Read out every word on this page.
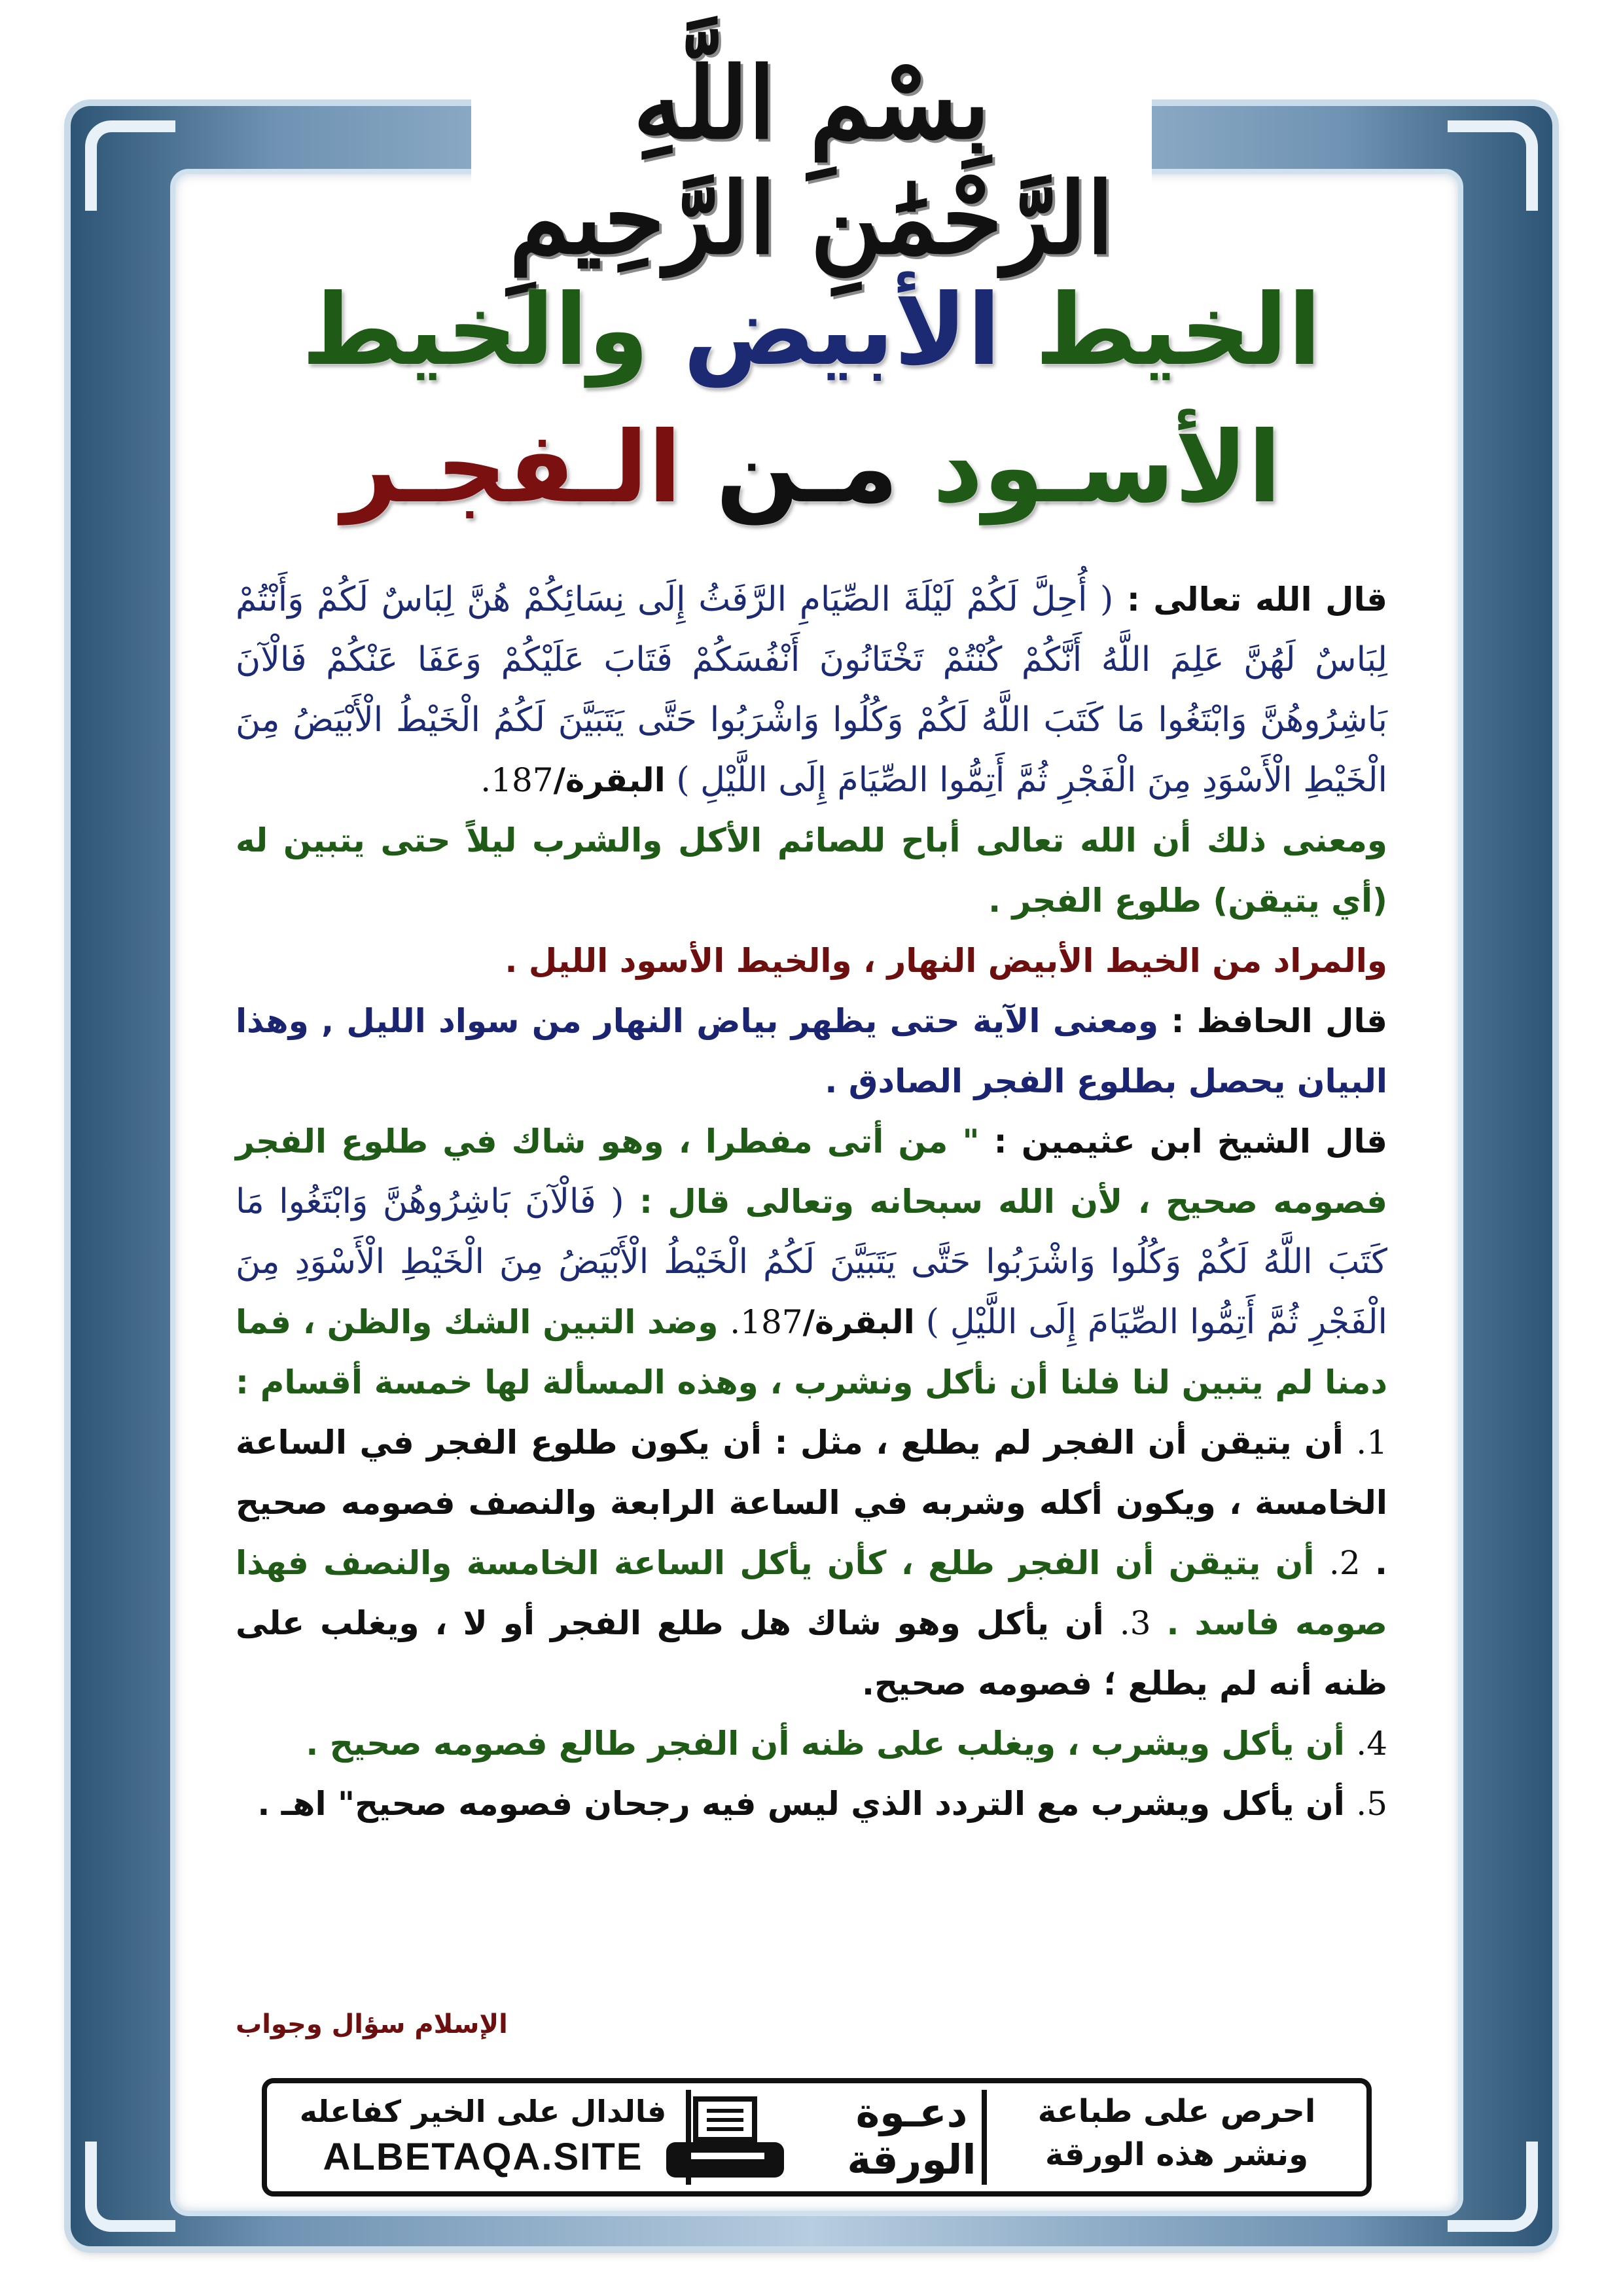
بِسْمِ اللَّهِ الرَّحْمَٰنِ الرَّحِيمِ
الخيط الأبيض والخيط
الأسـود مـن الـفجـر

قال الله تعالى : ( أُحِلَّ لَكُمْ لَيْلَةَ الصِّيَامِ الرَّفَثُ إِلَى نِسَائِكُمْ هُنَّ لِبَاسٌ لَكُمْ وَأَنْتُمْ لِبَاسٌ لَهُنَّ عَلِمَ اللَّهُ أَنَّكُمْ كُنْتُمْ تَخْتَانُونَ أَنْفُسَكُمْ فَتَابَ عَلَيْكُمْ وَعَفَا عَنْكُمْ فَالْآنَ بَاشِرُوهُنَّ وَابْتَغُوا مَا كَتَبَ اللَّهُ لَكُمْ وَكُلُوا وَاشْرَبُوا حَتَّى يَتَبَيَّنَ لَكُمُ الْخَيْطُ الْأَبْيَضُ مِنَ الْخَيْطِ الْأَسْوَدِ مِنَ الْفَجْرِ ثُمَّ أَتِمُّوا الصِّيَامَ إِلَى اللَّيْلِ ) البقرة/187.

ومعنى ذلك أن الله تعالى أباح للصائم الأكل والشرب ليلاً حتى يتبين له (أي يتيقن) طلوع الفجر .

والمراد من الخيط الأبيض النهار ، والخيط الأسود الليل .

قال الحافظ : ومعنى الآية حتى يظهر بياض النهار من سواد الليل , وهذا البيان يحصل بطلوع الفجر الصادق .

قال الشيخ ابن عثيمين : " من أتى مفطرا ، وهو شاك في طلوع الفجر فصومه صحيح ، لأن الله سبحانه وتعالى قال : ( فَالْآنَ بَاشِرُوهُنَّ وَابْتَغُوا مَا كَتَبَ اللَّهُ لَكُمْ وَكُلُوا وَاشْرَبُوا حَتَّى يَتَبَيَّنَ لَكُمُ الْخَيْطُ الْأَبْيَضُ مِنَ الْخَيْطِ الْأَسْوَدِ مِنَ الْفَجْرِ ثُمَّ أَتِمُّوا الصِّيَامَ إِلَى اللَّيْلِ ) البقرة/187. وضد التبين الشك والظن ، فما دمنا لم يتبين لنا فلنا أن نأكل ونشرب ، وهذه المسألة لها خمسة أقسام : 1. أن يتيقن أن الفجر لم يطلع ، مثل : أن يكون طلوع الفجر في الساعة الخامسة ، ويكون أكله وشربه في الساعة الرابعة والنصف فصومه صحيح . 2. أن يتيقن أن الفجر طلع ، كأن يأكل الساعة الخامسة والنصف فهذا صومه فاسد . 3. أن يأكل وهو شاك هل طلع الفجر أو لا ، ويغلب على ظنه أنه لم يطلع ؛ فصومه صحيح.

4. أن يأكل ويشرب ، ويغلب على ظنه أن الفجر طالع فصومه صحيح .

5. أن يأكل ويشرب مع التردد الذي ليس فيه رجحان فصومه صحيح" اهـ .

الإسلام سؤال وجواب
احرص على طباعة
ونشر هذه الورقة
دعـوة
الورقة
فالدال على الخير كفاعله
ALBETAQA.SITE
